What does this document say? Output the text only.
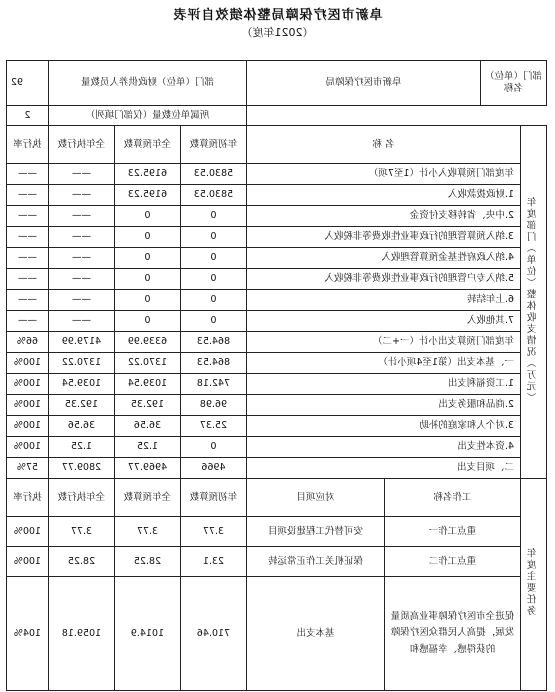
阜新市医疗保障局整体绩效自评表
（2021年度）
部门（单位）名称		阜新市医疗保障局		部门（单位）财政供养人员数量			92
				所属单位数量（仅部门填列）			2
年度部门（单位）整体收支情况（万元）	名 称			年初预算数	全年预算数	全年执行数	执行率
	年度部门预算收入小计（1至7项）			5830.53	6195.23	——	——
	1.财政拨款收入			5830.53	6195.23	——	——
	2.中央、省转移支付资金			0	0	——	——
	3.纳入预算管理的行政事业性收费等非税收入			0	0	——	——
	4.纳入政府性基金预算管理收入			0	0	——	——
	5.纳入专户管理的行政事业性收费等非税收入			0	0	——	——
	6.上年结转			0	0	——	——
	7.其他收入			0	0	——	——
	年度部门预算支出小计（一+二）			864.53	6339.99	4179.99	66%
	一、基本支出（第1至4项小计）			864.53	1370.22	1370.22	100%
	1.工资福利支出			742.18	1039.54	1039.54	100%
	2.商品和服务支出			96.98	192.35	192.35	100%
	3.对个人和家庭的补助			25.37	36.56	36.56	100%
	4.资本性支出			0	1.25	1.25	100%
	二、项目支出			4966	4969.77	2809.77	57%
年度主要任务	工作名称		对应项目	年初预算数	全年预算数	全年执行数	执行率
	重点工作一		安可替代工程建设项目	3.77	3.77	3.77	100%
	重点工作二		保证机关工作正常运转	23.1	28.25	28.25	100%
	促进全市医疗保障事业高质量发展，提高人民群众医疗保障的获得感、幸福感和		基本支出	710.46	1014.9	1059.18	104%
